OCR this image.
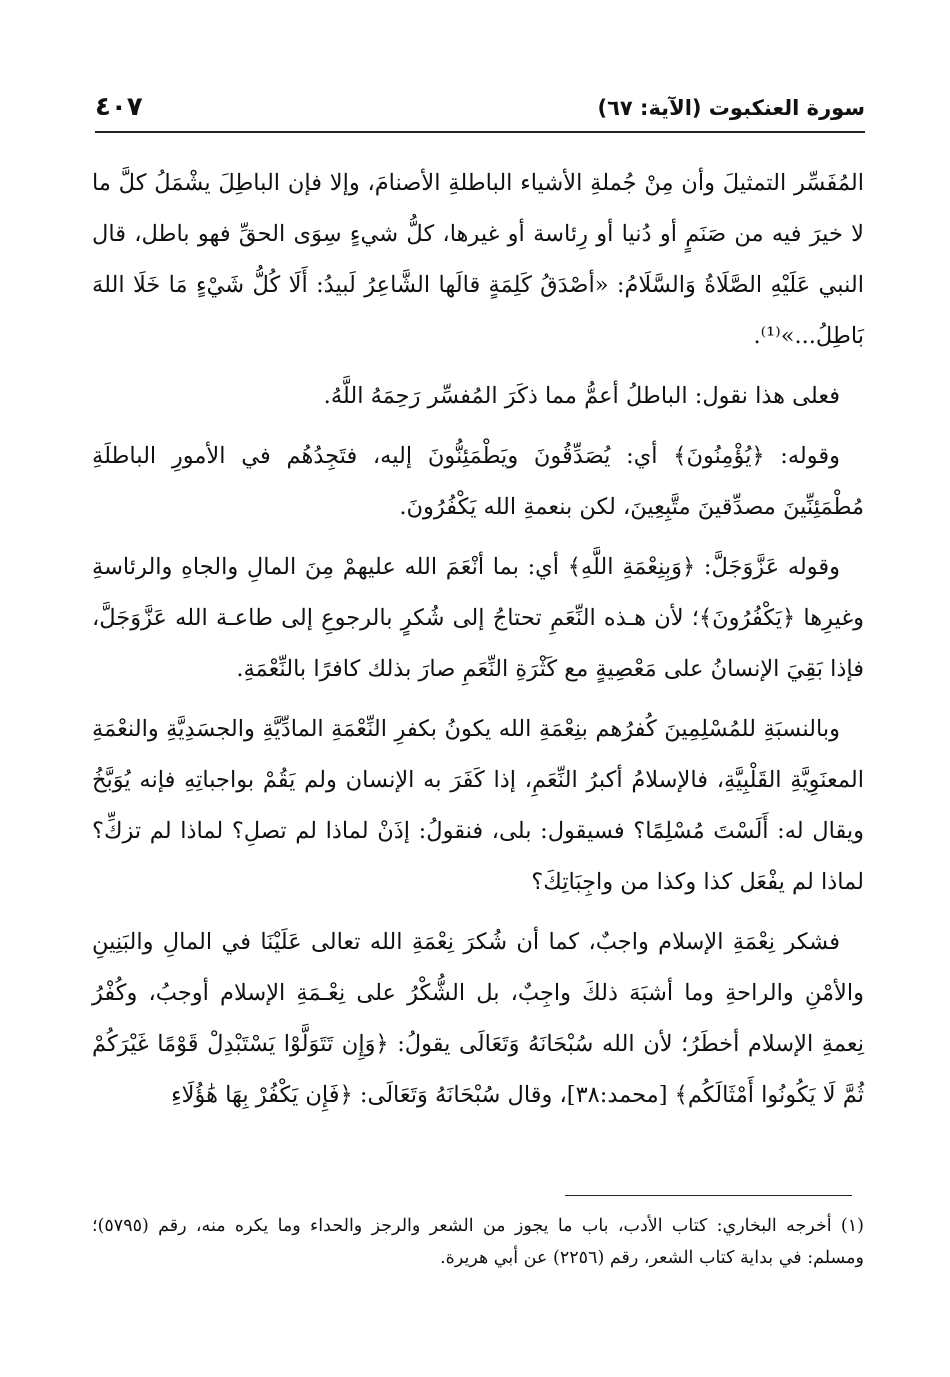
سورة العنكبوت (الآية: ٦٧)
٤٠٧

المُفَسِّر التمثيلَ وأن مِنْ جُملةِ الأشياء الباطلةِ الأصنامَ، وإلا فإن الباطِلَ يشْمَلُ كلَّ ما لا خيرَ فيه من صَنَمٍ أو دُنيا أو رِئاسة أو غيرها، كلُّ شيءٍ سِوَى الحقِّ فهو باطل، قال النبي عَلَيْهِ الصَّلَاةُ وَالسَّلَامُ: «أصْدَقُ كَلِمَةٍ قالَها الشَّاعِرُ لَبيدُ: أَلَا كُلُّ شَيْءٍ مَا خَلَا اللهَ بَاطِلُ...»⁽¹⁾.

فعلى هذا نقول: الباطلُ أعمُّ مما ذكَرَ المُفسِّر رَحِمَهُ اللَّهُ.

وقوله: ﴿يُؤْمِنُونَ﴾ أي: يُصَدِّقُونَ ويَطْمَئِنُّونَ إليه، فتَجِدُهُم في الأمورِ الباطلَةِ مُطْمَئِنِّينَ مصدِّقينَ متَّبِعِينَ، لكن بنعمةِ الله يَكْفُرُونَ.

وقوله عَزَّوَجَلَّ: ﴿وَبِنِعْمَةِ اللَّهِ﴾ أي: بما أنْعَمَ الله عليهمْ مِنَ المالِ والجاهِ والرئاسةِ وغيرِها ﴿يَكْفُرُونَ﴾؛ لأن هـذه النِّعَمِ تحتاجُ إلى شُكرٍ بالرجوعِ إلى طاعـة الله عَزَّوَجَلَّ، فإذا بَقِيَ الإنسانُ على مَعْصِيةٍ مع كَثْرَةِ النِّعَمِ صارَ بذلك كافرًا بالنِّعْمَةِ.

وبالنسبَةِ للمُسْلِمِينَ كُفرُهم بنِعْمَةِ الله يكونُ بكفرِ النِّعْمَةِ المادِّيَّةِ والجسَدِيَّةِ والنعْمَةِ المعنَوِيَّةِ القَلْبِيَّةِ، فالإسلامُ أكبرُ النِّعَمِ، إذا كَفَرَ به الإنسان ولم يَقُمْ بواجباتِهِ فإنه يُوَبَّخُ ويقال له: أَلَسْتَ مُسْلِمًا؟ فسيقول: بلى، فنقولُ: إذَنْ لماذا لم تصلِ؟ لماذا لم تزكِّ؟ لماذا لم يفْعَل كذا وكذا من واجِبَاتِكَ؟

فشكر نِعْمَةِ الإسلام واجبٌ، كما أن شُكرَ نِعْمَةِ الله تعالى عَلَيْنَا في المالِ والبَنِينِ والأمْنِ والراحةِ وما أشبَهَ ذلكَ واجِبٌ، بل الشُّكْرُ على نِعْـمَةِ الإسلام أوجبُ، وكُفْرُ نِعمةِ الإسلام أخطَرُ؛ لأن الله سُبْحَانَهُ وَتَعَالَى يقولُ: ﴿وَإِن تَتَوَلَّوْا يَسْتَبْدِلْ قَوْمًا غَيْرَكُمْ ثُمَّ لَا يَكُونُوا أَمْثَالَكُم﴾ [محمد:٣٨]، وقال سُبْحَانَهُ وَتَعَالَى: ﴿فَإِن يَكْفُرْ بِهَا هَٰؤُلَاءِ

(١) أخرجه البخاري: كتاب الأدب، باب ما يجوز من الشعر والرجز والحداء وما يكره منه، رقم (٥٧٩٥)؛ ومسلم: في بداية كتاب الشعر، رقم (٢٢٥٦) عن أبي هريرة.
